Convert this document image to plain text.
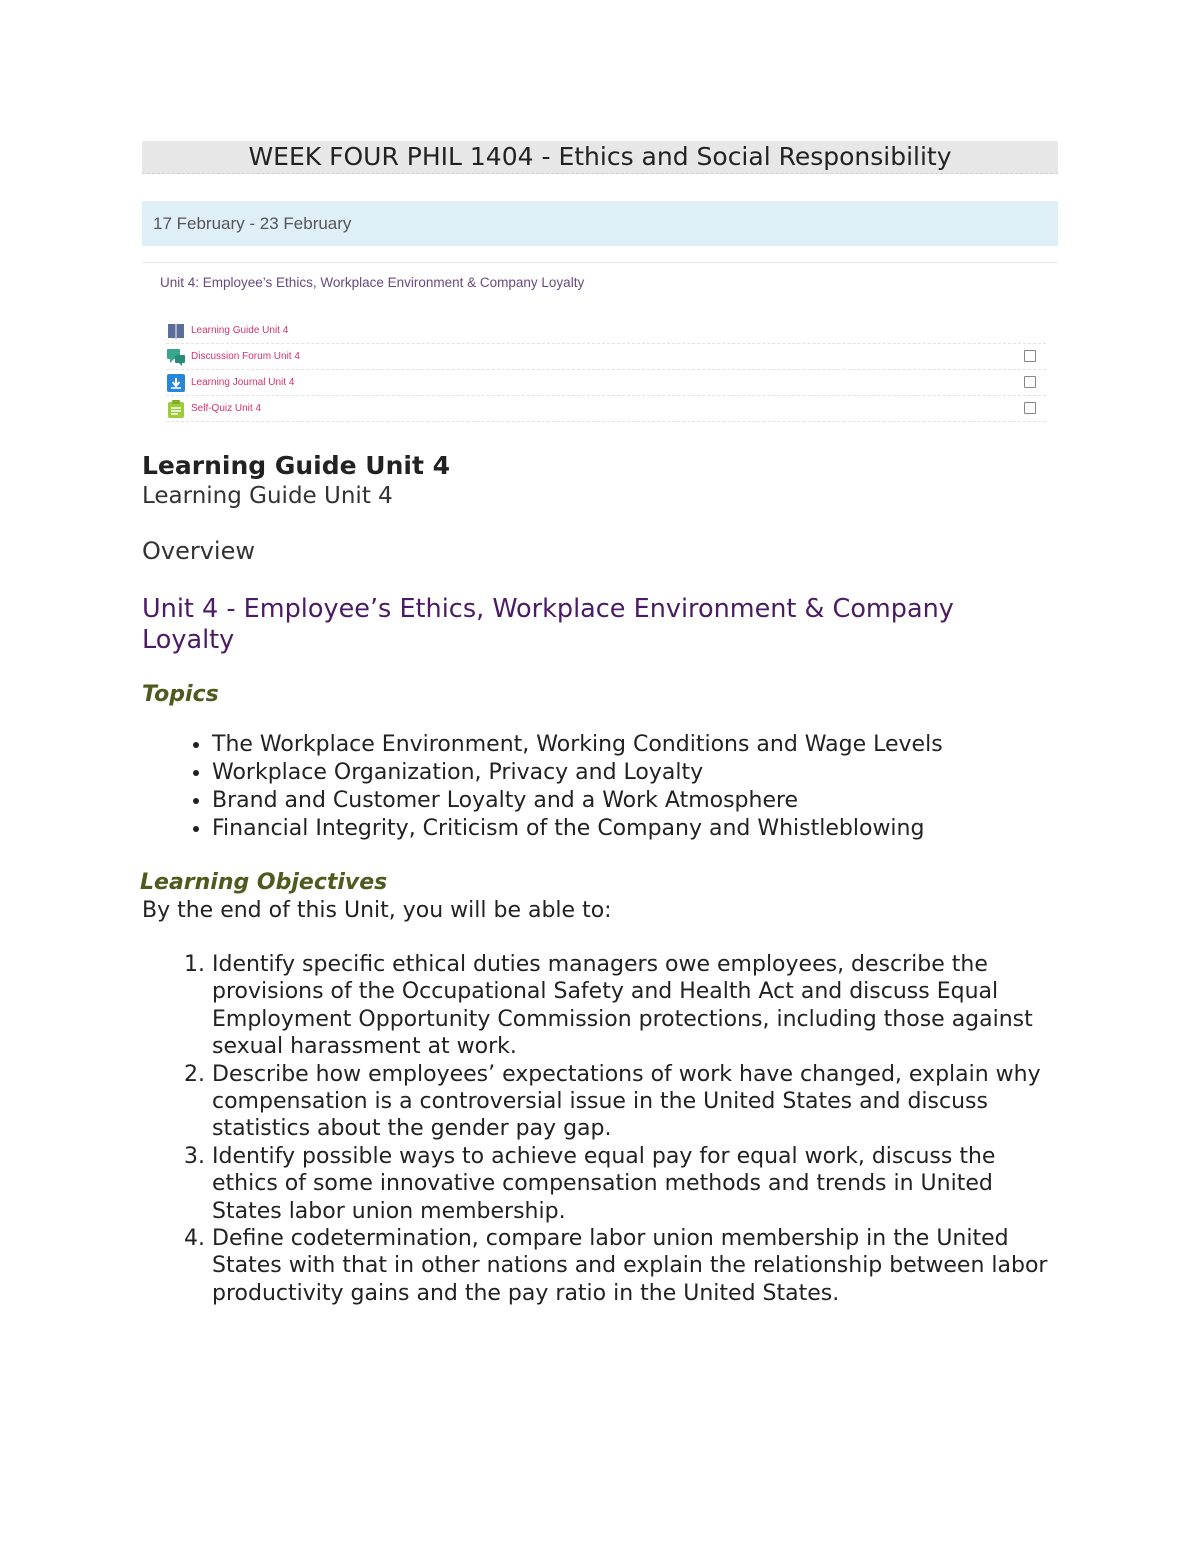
WEEK FOUR PHIL 1404 - Ethics and Social Responsibility
17 February - 23 February
Unit 4: Employee’s Ethics, Workplace Environment & Company Loyalty
Learning Guide Unit 4
Discussion Forum Unit 4
Learning Journal Unit 4
Self-Quiz Unit 4
Learning Guide Unit 4
Learning Guide Unit 4
Overview
Unit 4 - Employee’s Ethics, Workplace Environment & Company Loyalty
Topics
• The Workplace Environment, Working Conditions and Wage Levels
• Workplace Organization, Privacy and Loyalty
• Brand and Customer Loyalty and a Work Atmosphere
• Financial Integrity, Criticism of the Company and Whistleblowing
Learning Objectives
By the end of this Unit, you will be able to:
1. Identify specific ethical duties managers owe employees, describe the provisions of the Occupational Safety and Health Act and discuss Equal Employment Opportunity Commission protections, including those against sexual harassment at work.
2. Describe how employees’ expectations of work have changed, explain why compensation is a controversial issue in the United States and discuss statistics about the gender pay gap.
3. Identify possible ways to achieve equal pay for equal work, discuss the ethics of some innovative compensation methods and trends in United States labor union membership.
4. Define codetermination, compare labor union membership in the United States with that in other nations and explain the relationship between labor productivity gains and the pay ratio in the United States.
